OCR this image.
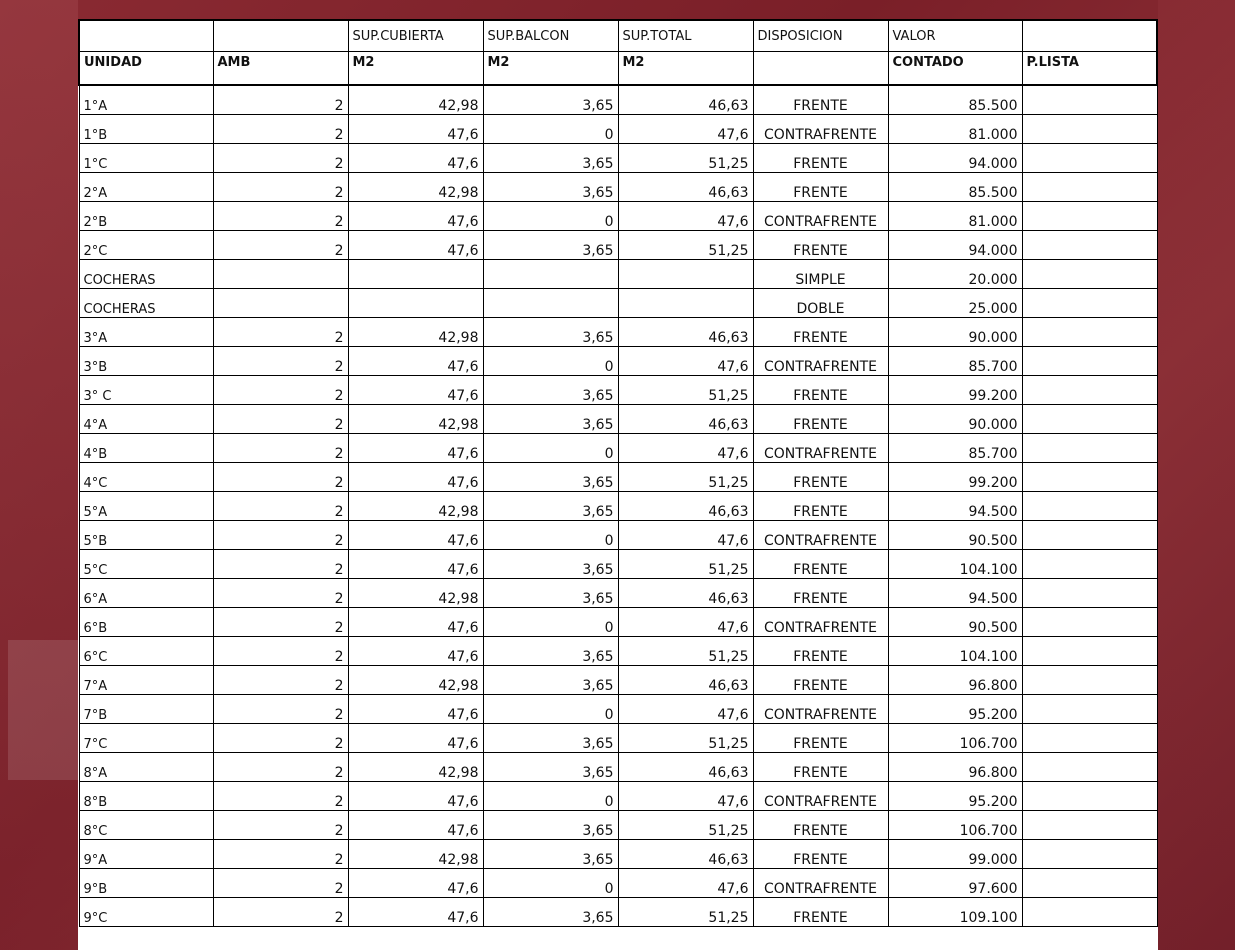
		SUP.CUBIERTA	SUP.BALCON	SUP.TOTAL	DISPOSICION	VALOR	
UNIDAD	AMB	M2	M2	M2		CONTADO	P.LISTA
1°A	2	42,98	3,65	46,63	FRENTE	85.500	
1°B	2	47,6	0	47,6	CONTRAFRENTE	81.000	
1°C	2	47,6	3,65	51,25	FRENTE	94.000	
2°A	2	42,98	3,65	46,63	FRENTE	85.500	
2°B	2	47,6	0	47,6	CONTRAFRENTE	81.000	
2°C	2	47,6	3,65	51,25	FRENTE	94.000	
COCHERAS					SIMPLE	20.000	
COCHERAS					DOBLE	25.000	
3°A	2	42,98	3,65	46,63	FRENTE	90.000	
3°B	2	47,6	0	47,6	CONTRAFRENTE	85.700	
3° C	2	47,6	3,65	51,25	FRENTE	99.200	
4°A	2	42,98	3,65	46,63	FRENTE	90.000	
4°B	2	47,6	0	47,6	CONTRAFRENTE	85.700	
4°C	2	47,6	3,65	51,25	FRENTE	99.200	
5°A	2	42,98	3,65	46,63	FRENTE	94.500	
5°B	2	47,6	0	47,6	CONTRAFRENTE	90.500	
5°C	2	47,6	3,65	51,25	FRENTE	104.100	
6°A	2	42,98	3,65	46,63	FRENTE	94.500	
6°B	2	47,6	0	47,6	CONTRAFRENTE	90.500	
6°C	2	47,6	3,65	51,25	FRENTE	104.100	
7°A	2	42,98	3,65	46,63	FRENTE	96.800	
7°B	2	47,6	0	47,6	CONTRAFRENTE	95.200	
7°C	2	47,6	3,65	51,25	FRENTE	106.700	
8°A	2	42,98	3,65	46,63	FRENTE	96.800	
8°B	2	47,6	0	47,6	CONTRAFRENTE	95.200	
8°C	2	47,6	3,65	51,25	FRENTE	106.700	
9°A	2	42,98	3,65	46,63	FRENTE	99.000	
9°B	2	47,6	0	47,6	CONTRAFRENTE	97.600	
9°C	2	47,6	3,65	51,25	FRENTE	109.100	
